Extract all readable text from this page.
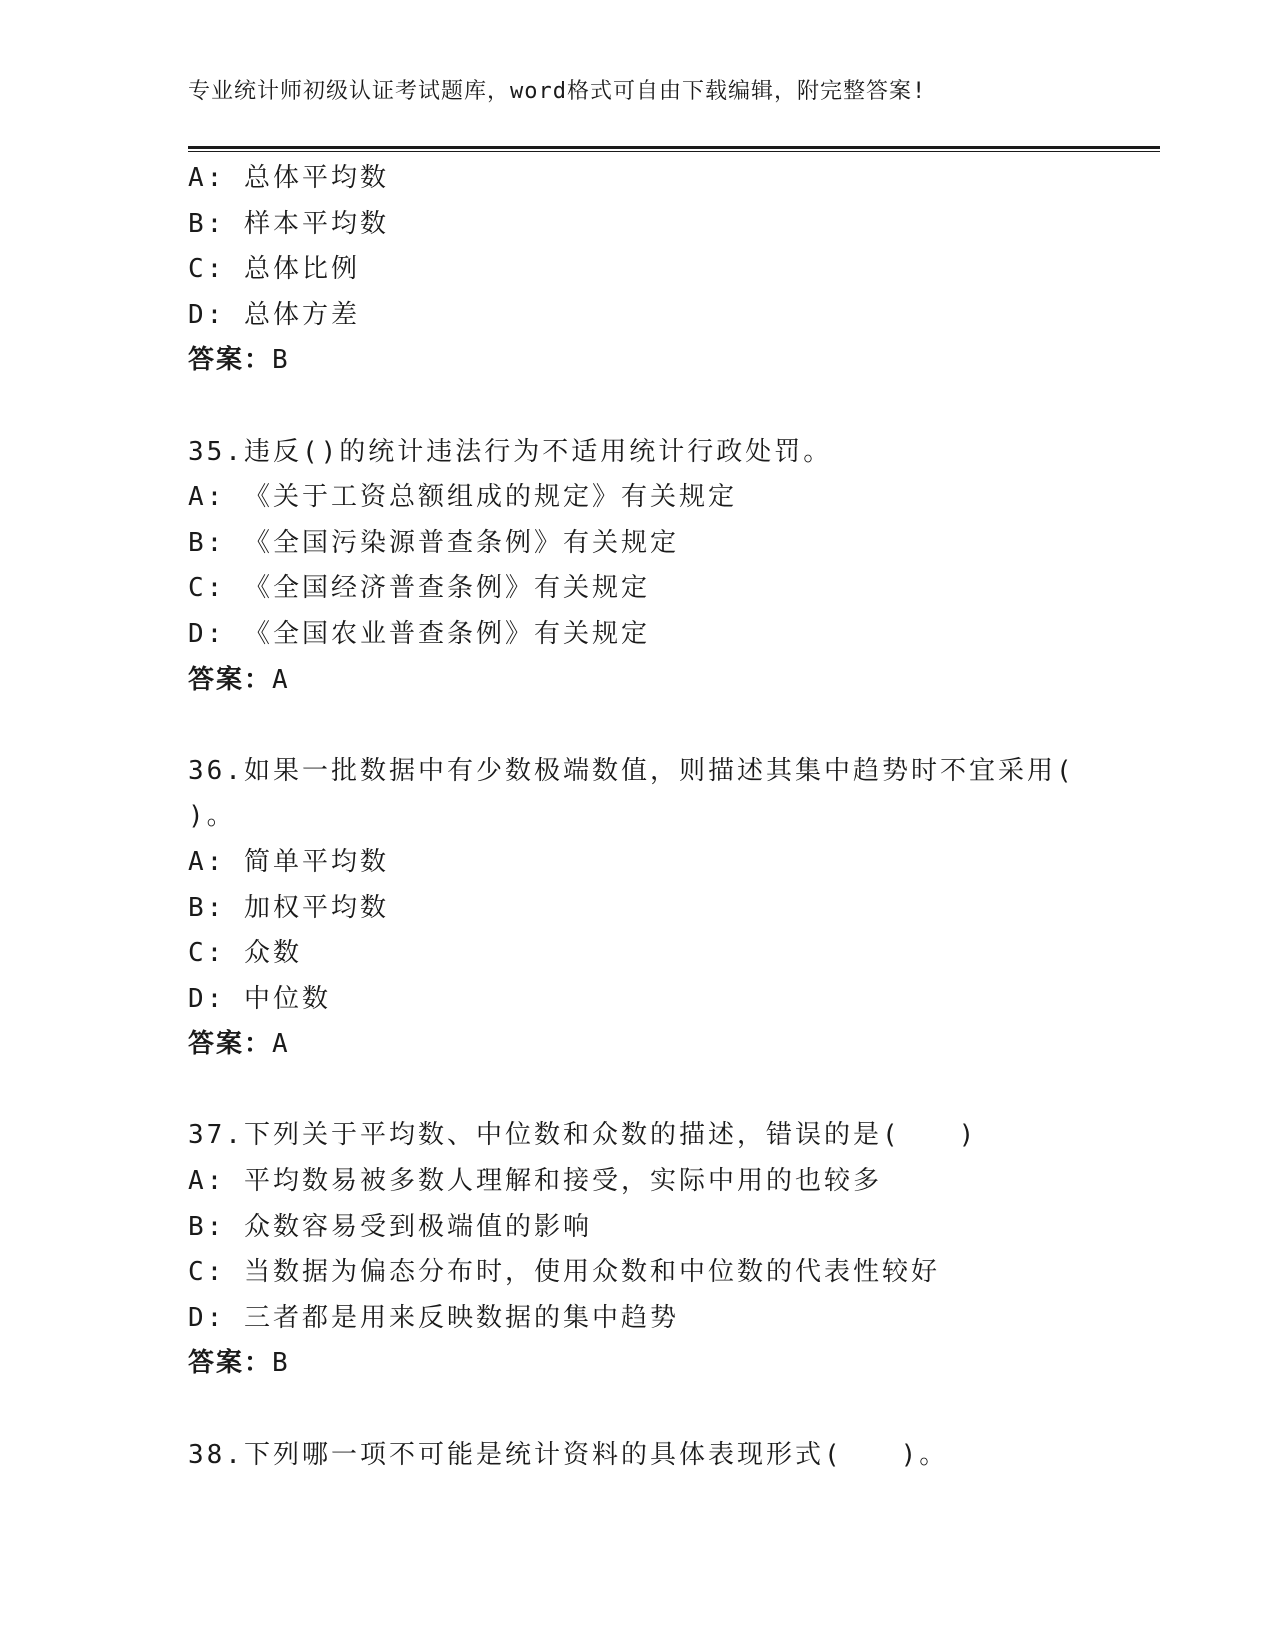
专业统计师初级认证考试题库，word格式可自由下载编辑，附完整答案!
A: 总体平均数
B: 样本平均数
C: 总体比例
D: 总体方差
答案：B
35.违反()的统计违法行为不适用统计行政处罚。
A: 《关于工资总额组成的规定》有关规定
B: 《全国污染源普查条例》有关规定
C: 《全国经济普查条例》有关规定
D: 《全国农业普查条例》有关规定
答案：A
36.如果一批数据中有少数极端数值，则描述其集中趋势时不宜采用(
)。
A: 简单平均数
B: 加权平均数
C: 众数
D: 中位数
答案：A
37.下列关于平均数、中位数和众数的描述，错误的是(　　)
A: 平均数易被多数人理解和接受，实际中用的也较多
B: 众数容易受到极端值的影响
C: 当数据为偏态分布时，使用众数和中位数的代表性较好
D: 三者都是用来反映数据的集中趋势
答案：B
38.下列哪一项不可能是统计资料的具体表现形式(　　)。
